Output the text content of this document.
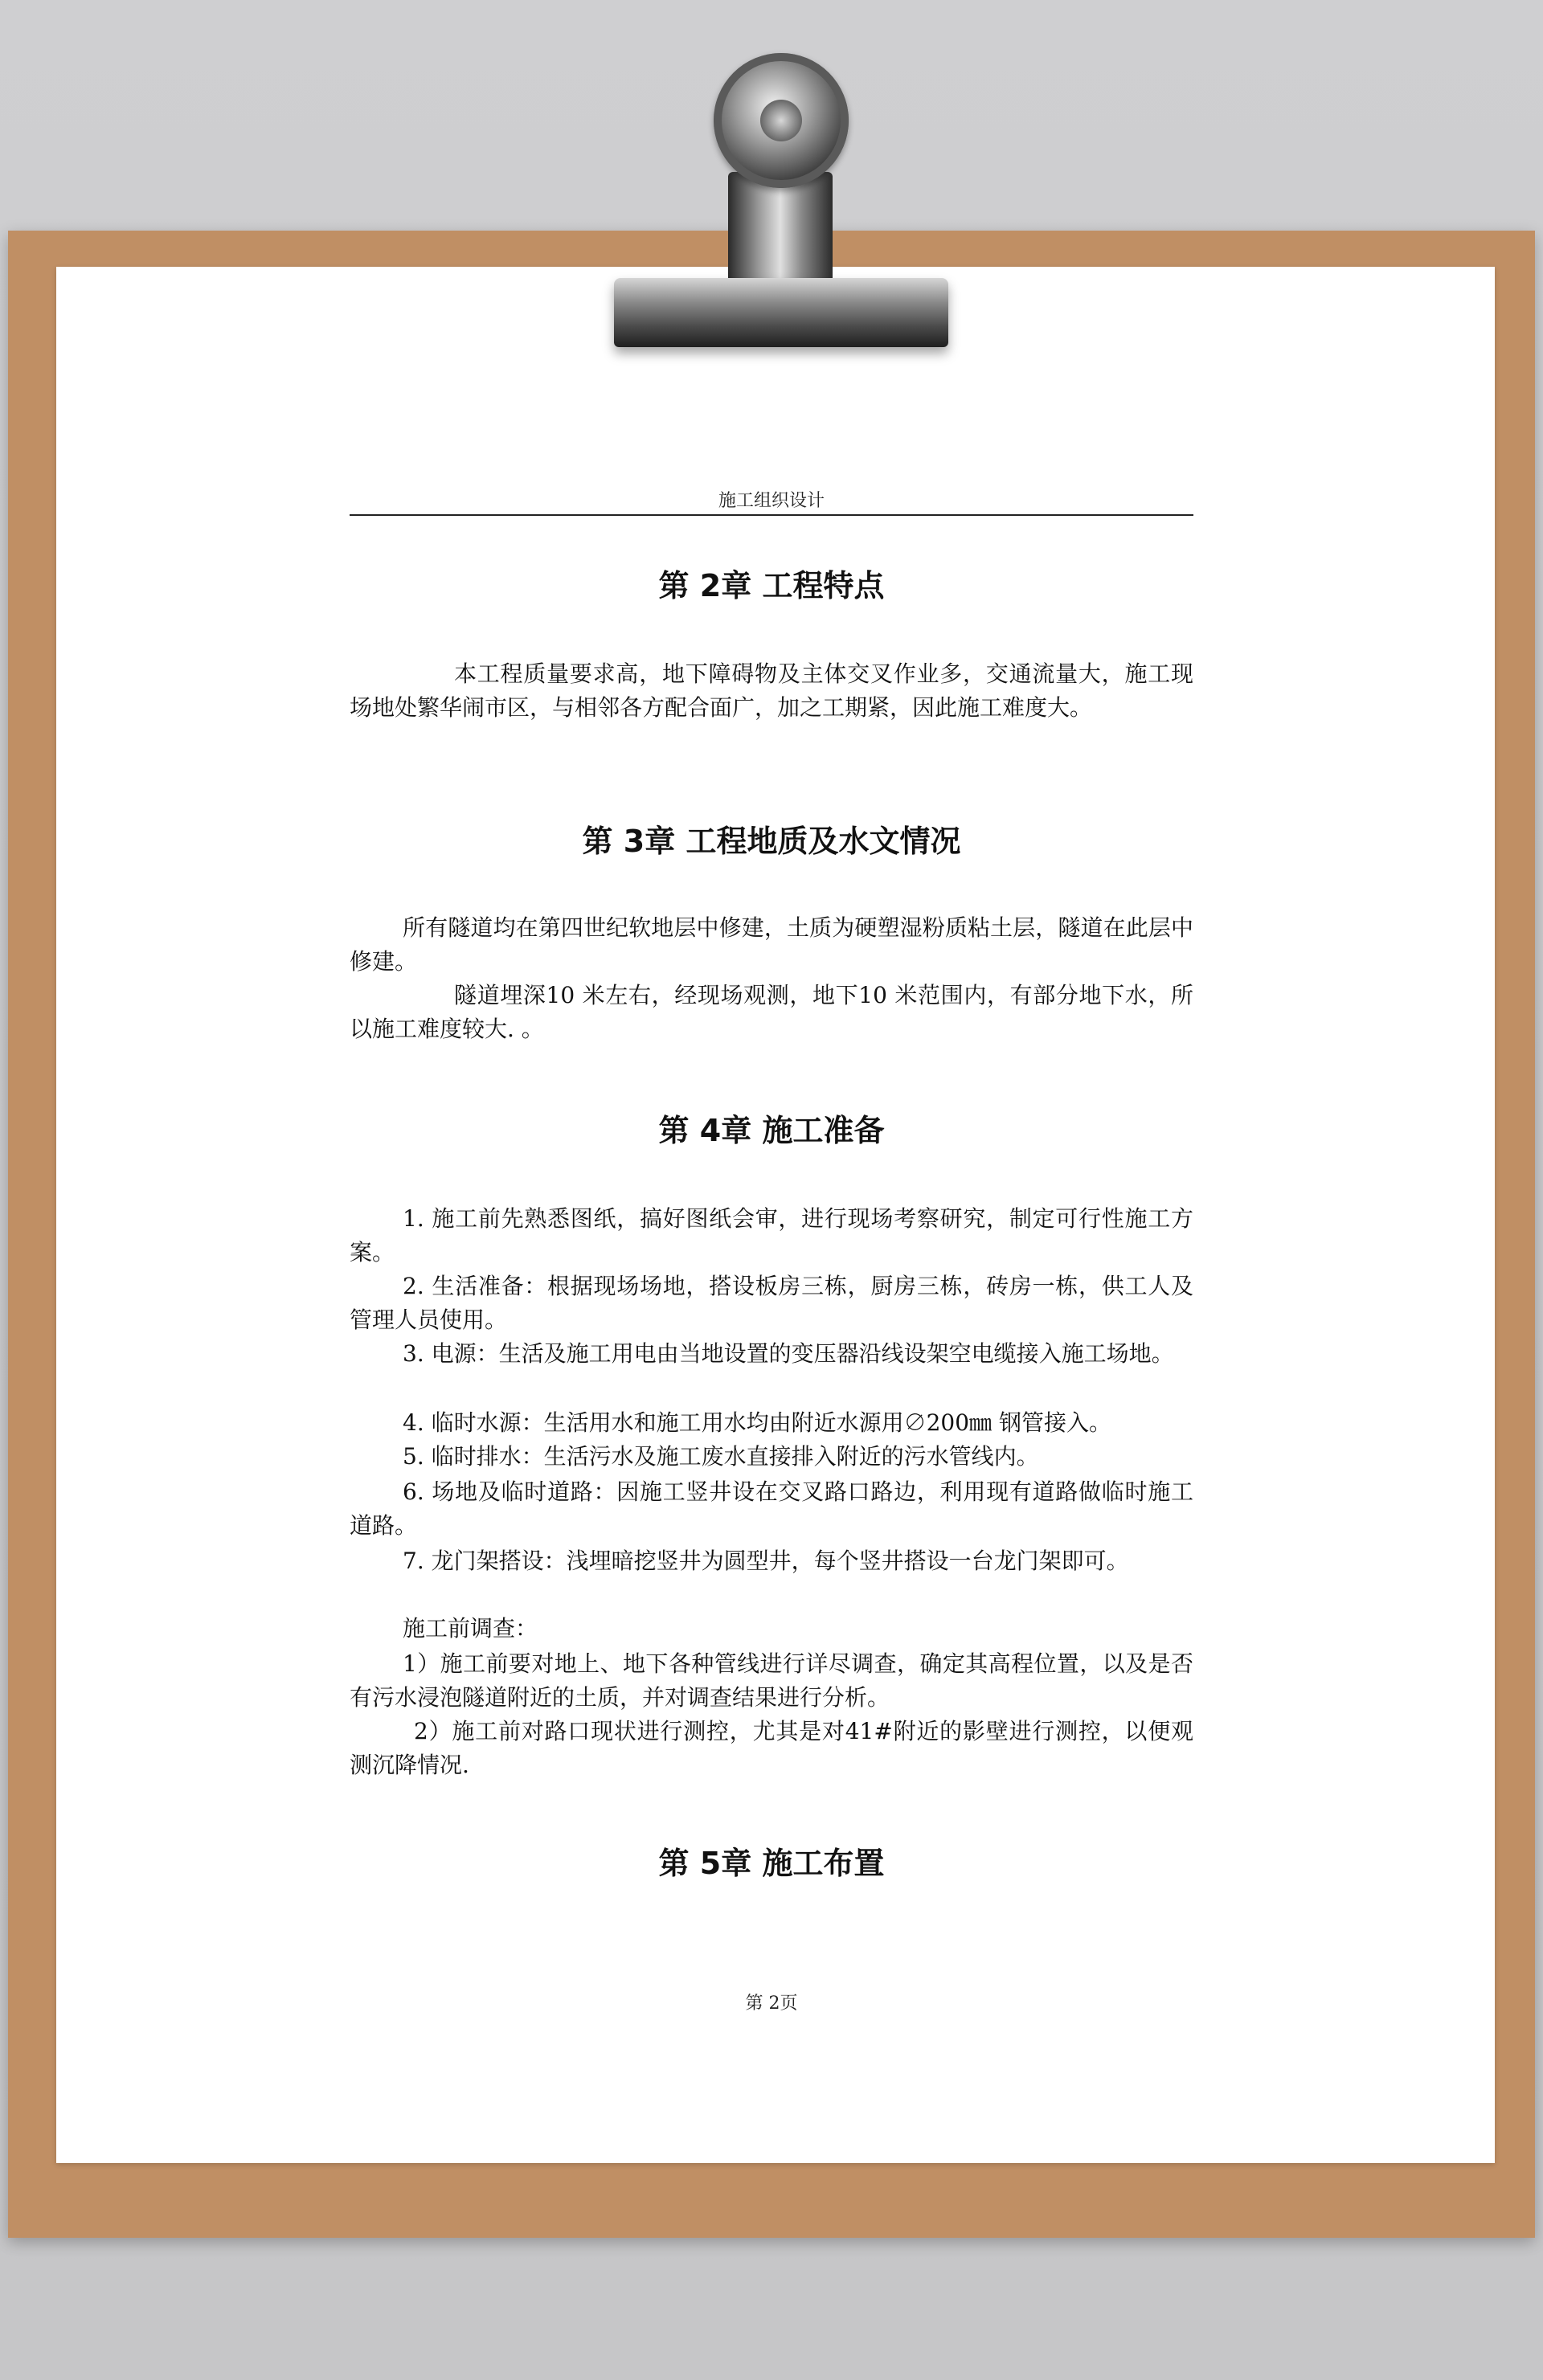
施工组织设计
第 2章 工程特点
本工程质量要求高，地下障碍物及主体交叉作业多，交通流量大，施工现场地处繁华闹市区，与相邻各方配合面广，加之工期紧，因此施工难度大。
第 3章 工程地质及水文情况
所有隧道均在第四世纪软地层中修建，土质为硬塑湿粉质粘土层，隧道在此层中修建。
隧道埋深10 米左右，经现场观测，地下10 米范围内，有部分地下水，所以施工难度较大. 。
第 4章 施工准备
1. 施工前先熟悉图纸，搞好图纸会审，进行现场考察研究，制定可行性施工方案。
2. 生活准备：根据现场场地，搭设板房三栋，厨房三栋，砖房一栋，供工人及管理人员使用。
3. 电源：生活及施工用电由当地设置的变压器沿线设架空电缆接入施工场地。
4. 临时水源：生活用水和施工用水均由附近水源用∅200㎜ 钢管接入。
5. 临时排水：生活污水及施工废水直接排入附近的污水管线内。
6. 场地及临时道路：因施工竖井设在交叉路口路边，利用现有道路做临时施工道路。
7. 龙门架搭设：浅埋暗挖竖井为圆型井，每个竖井搭设一台龙门架即可。
施工前调查：
1）施工前要对地上、地下各种管线进行详尽调查，确定其高程位置，以及是否有污水浸泡隧道附近的土质，并对调查结果进行分析。
2）施工前对路口现状进行测控，尤其是对41#附近的影壁进行测控，以便观测沉降情况.
第 5章 施工布置
第 2页
